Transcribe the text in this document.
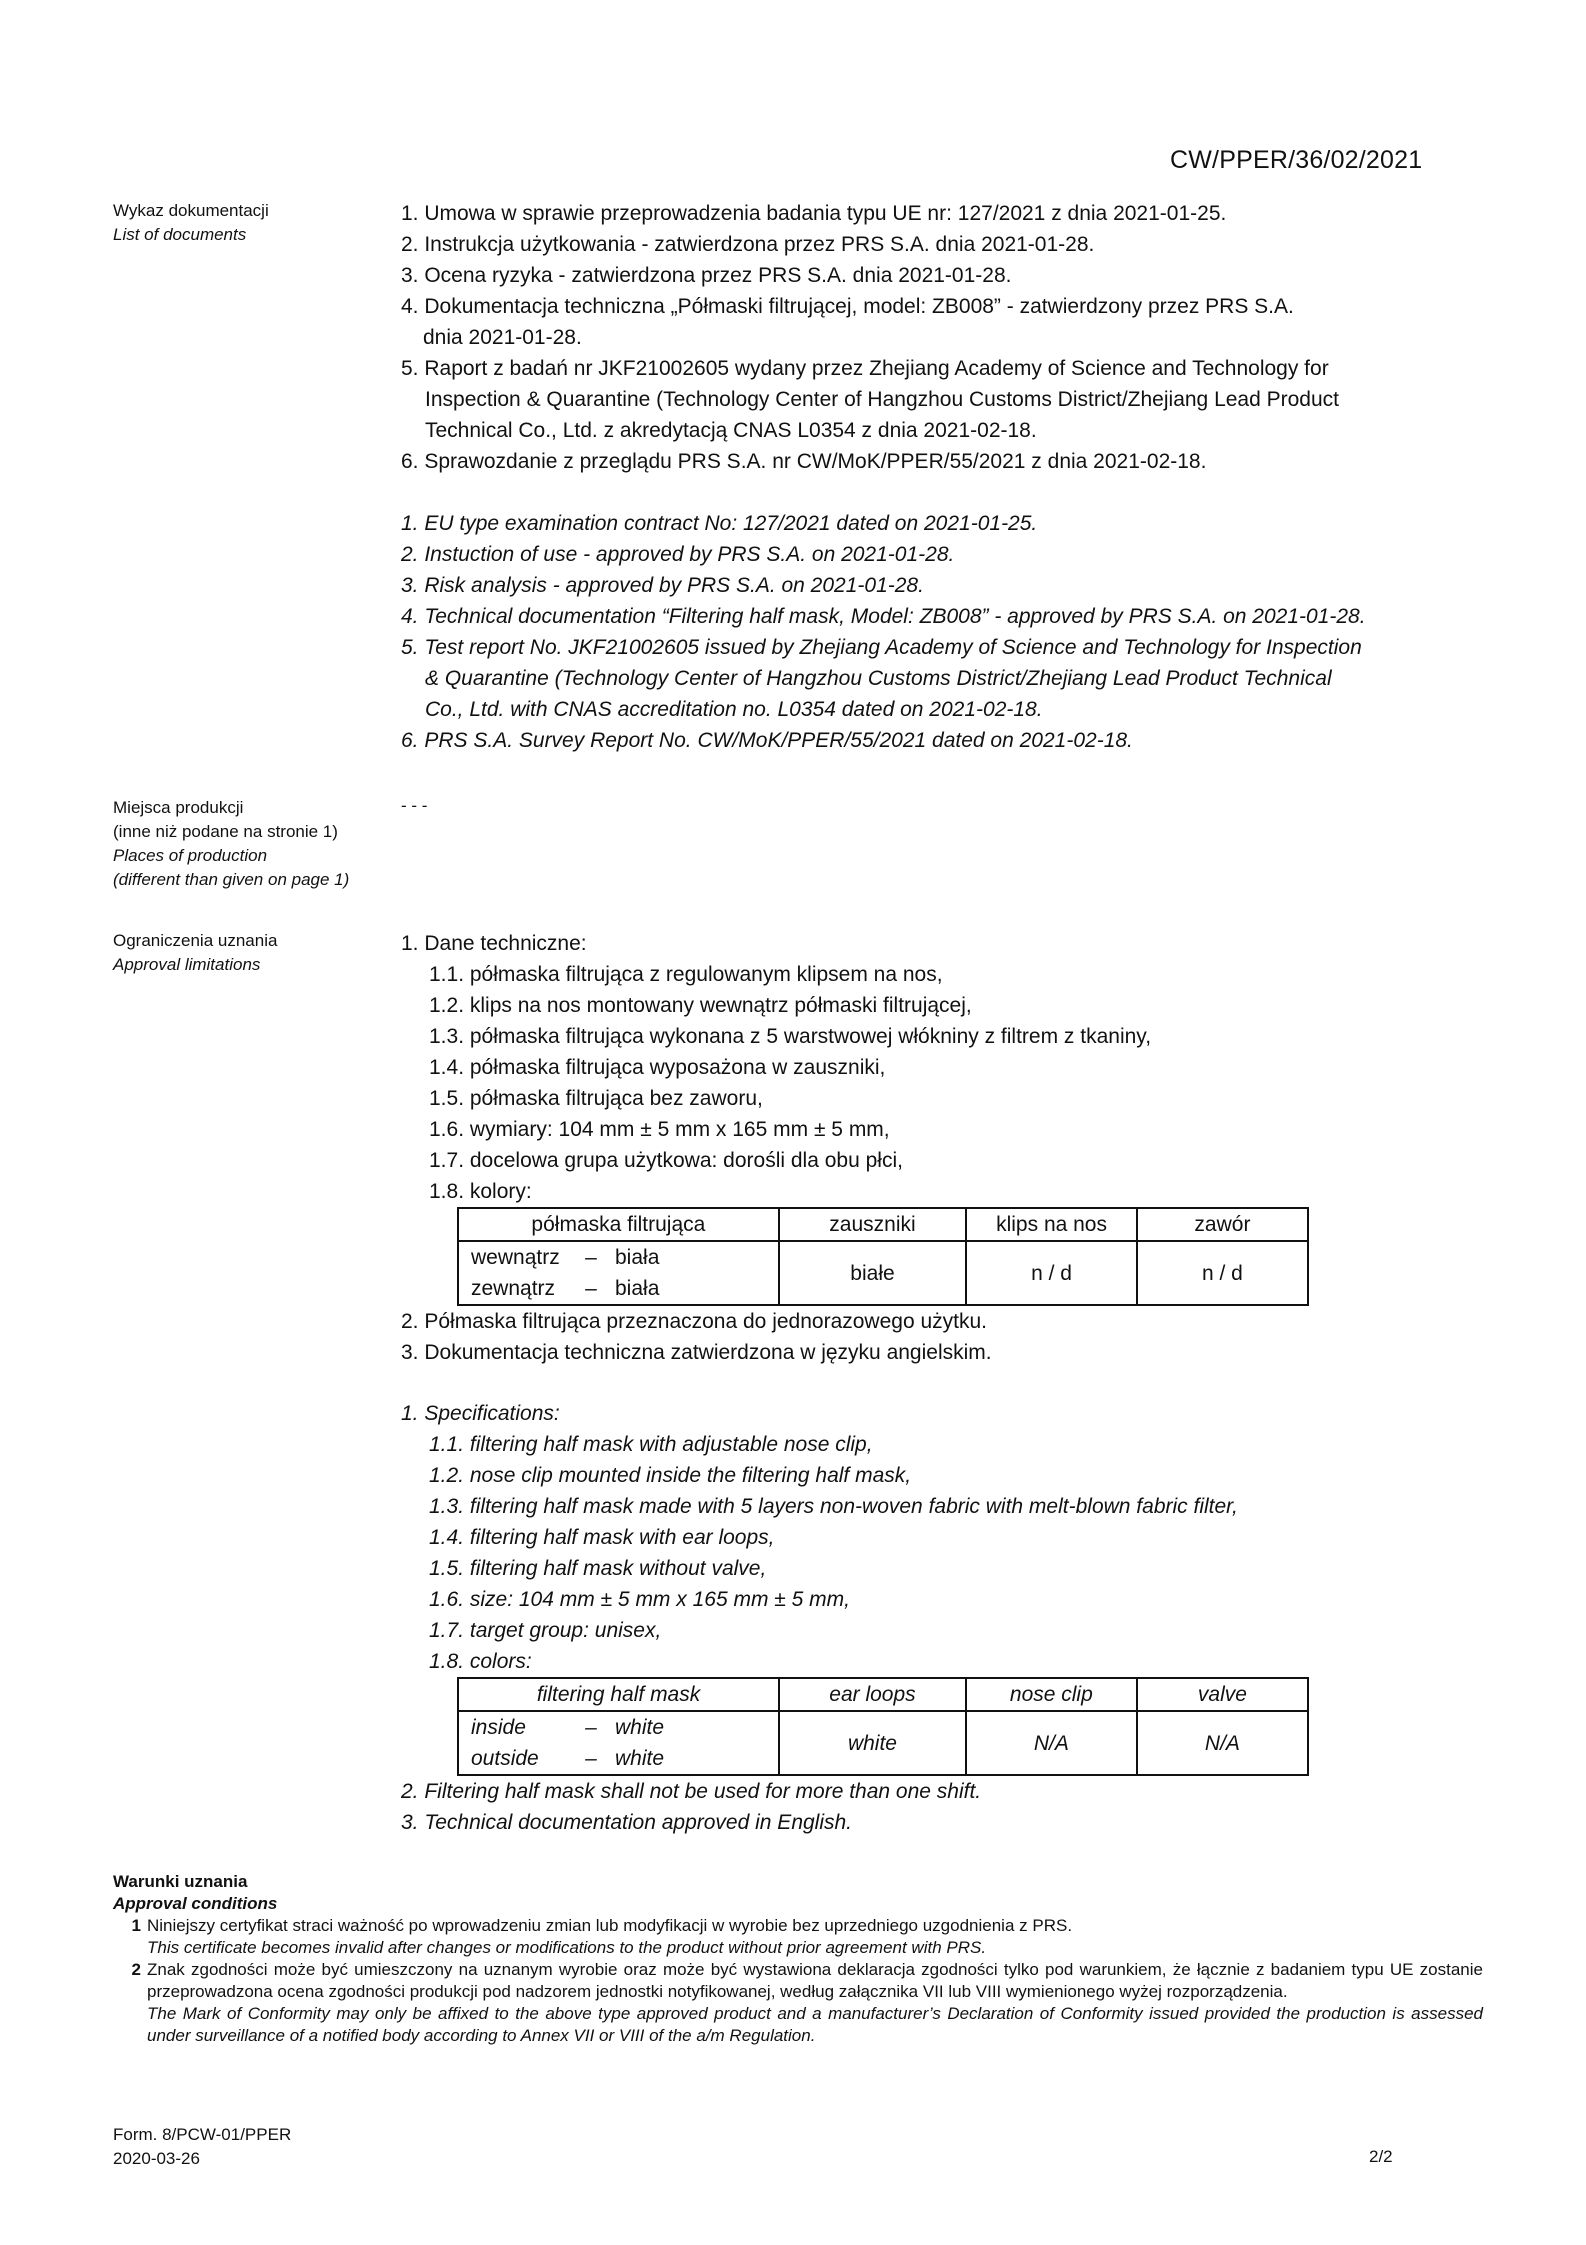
CW/PPER/36/02/2021
Wykaz dokumentacji
List of documents
1. Umowa w sprawie przeprowadzenia badania typu UE nr: 127/2021 z dnia 2021-01-25.
2. Instrukcja użytkowania - zatwierdzona przez PRS S.A. dnia 2021-01-28.
3. Ocena ryzyka - zatwierdzona przez PRS S.A. dnia 2021-01-28.
4. Dokumentacja techniczna „Półmaski filtrującej, model: ZB008” - zatwierdzony przez PRS S.A.
dnia 2021-01-28.
5. Raport z badań nr JKF21002605 wydany przez Zhejiang Academy of Science and Technology for
Inspection & Quarantine (Technology Center of Hangzhou Customs District/Zhejiang Lead Product
Technical Co., Ltd. z akredytacją CNAS L0354 z dnia 2021-02-18.
6. Sprawozdanie z przeglądu PRS S.A. nr CW/MoK/PPER/55/2021 z dnia 2021-02-18.
1. EU type examination contract No: 127/2021 dated on 2021-01-25.
2. Instuction of use - approved by PRS S.A. on 2021-01-28.
3. Risk analysis - approved by PRS S.A. on 2021-01-28.
4. Technical documentation “Filtering half mask, Model: ZB008” - approved by PRS S.A. on 2021-01-28.
5. Test report No. JKF21002605 issued by Zhejiang Academy of Science and Technology for Inspection
& Quarantine (Technology Center of Hangzhou Customs District/Zhejiang Lead Product Technical
Co., Ltd. with CNAS accreditation no. L0354 dated on 2021-02-18.
6. PRS S.A. Survey Report No. CW/MoK/PPER/55/2021 dated on 2021-02-18.
Miejsca produkcji
(inne niż podane na stronie 1)
Places of production
(different than given on page 1)
- - -
Ograniczenia uznania
Approval limitations
1. Dane techniczne:
1.1. półmaska filtrująca z regulowanym klipsem na nos,
1.2. klips na nos montowany wewnątrz półmaski filtrującej,
1.3. półmaska filtrująca wykonana z 5 warstwowej włókniny z filtrem z tkaniny,
1.4. półmaska filtrująca wyposażona w zauszniki,
1.5. półmaska filtrująca bez zaworu,
1.6. wymiary: 104 mm ± 5 mm x 165 mm ± 5 mm,
1.7. docelowa grupa użytkowa: dorośli dla obu płci,
1.8. kolory:
półmaska filtrująca	zauszniki	klips na nos	zawór

wewnątrz	– biała
zewnątrz	– biała
	białe	n / d	n / d
2. Półmaska filtrująca przeznaczona do jednorazowego użytku.
3. Dokumentacja techniczna zatwierdzona w języku angielskim.
1. Specifications:
1.1. filtering half mask with adjustable nose clip,
1.2. nose clip mounted inside the filtering half mask,
1.3. filtering half mask made with 5 layers non-woven fabric with melt-blown fabric filter,
1.4. filtering half mask with ear loops,
1.5. filtering half mask without valve,
1.6. size: 104 mm ± 5 mm x 165 mm ± 5 mm,
1.7. target group: unisex,
1.8. colors:
filtering half mask	ear loops	nose clip	valve

inside	– white
outside	– white
	white	N/A	N/A
2. Filtering half mask shall not be used for more than one shift.
3. Technical documentation approved in English.
Warunki uznania
Approval conditions
1 Niniejszy certyfikat straci ważność po wprowadzeniu zmian lub modyfikacji w wyrobie bez uprzedniego uzgodnienia z PRS.
This certificate becomes invalid after changes or modifications to the product without prior agreement with PRS.
2 Znak zgodności może być umieszczony na uznanym wyrobie oraz może być wystawiona deklaracja zgodności tylko pod warunkiem, że łącznie z badaniem typu UE zostanie przeprowadzona ocena zgodności produkcji pod nadzorem jednostki notyfikowanej, według załącznika VII lub VIII wymienionego wyżej rozporządzenia.
The Mark of Conformity may only be affixed to the above type approved product and a manufacturer’s Declaration of Conformity issued provided the production is assessed under surveillance of a notified body according to Annex VII or VIII of the a/m Regulation.
Form. 8/PCW-01/PPER
2020-03-26	2/2
